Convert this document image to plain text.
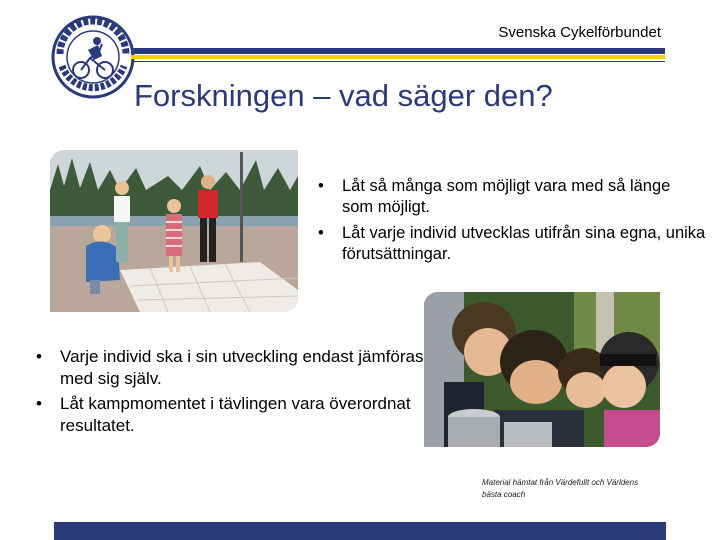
Svenska Cykelförbundet
Forskningen – vad säger den?
• Låt så många som möjligt vara med så länge som möjligt.
• Låt varje individ utvecklas utifrån sina egna, unika förutsättningar.
• Varje individ ska i sin utveckling endast jämföras med sig själv.
• Låt kampmomentet i tävlingen vara överordnat resultatet.
Material hämtat från Värdefullt och Världens bästa coach
